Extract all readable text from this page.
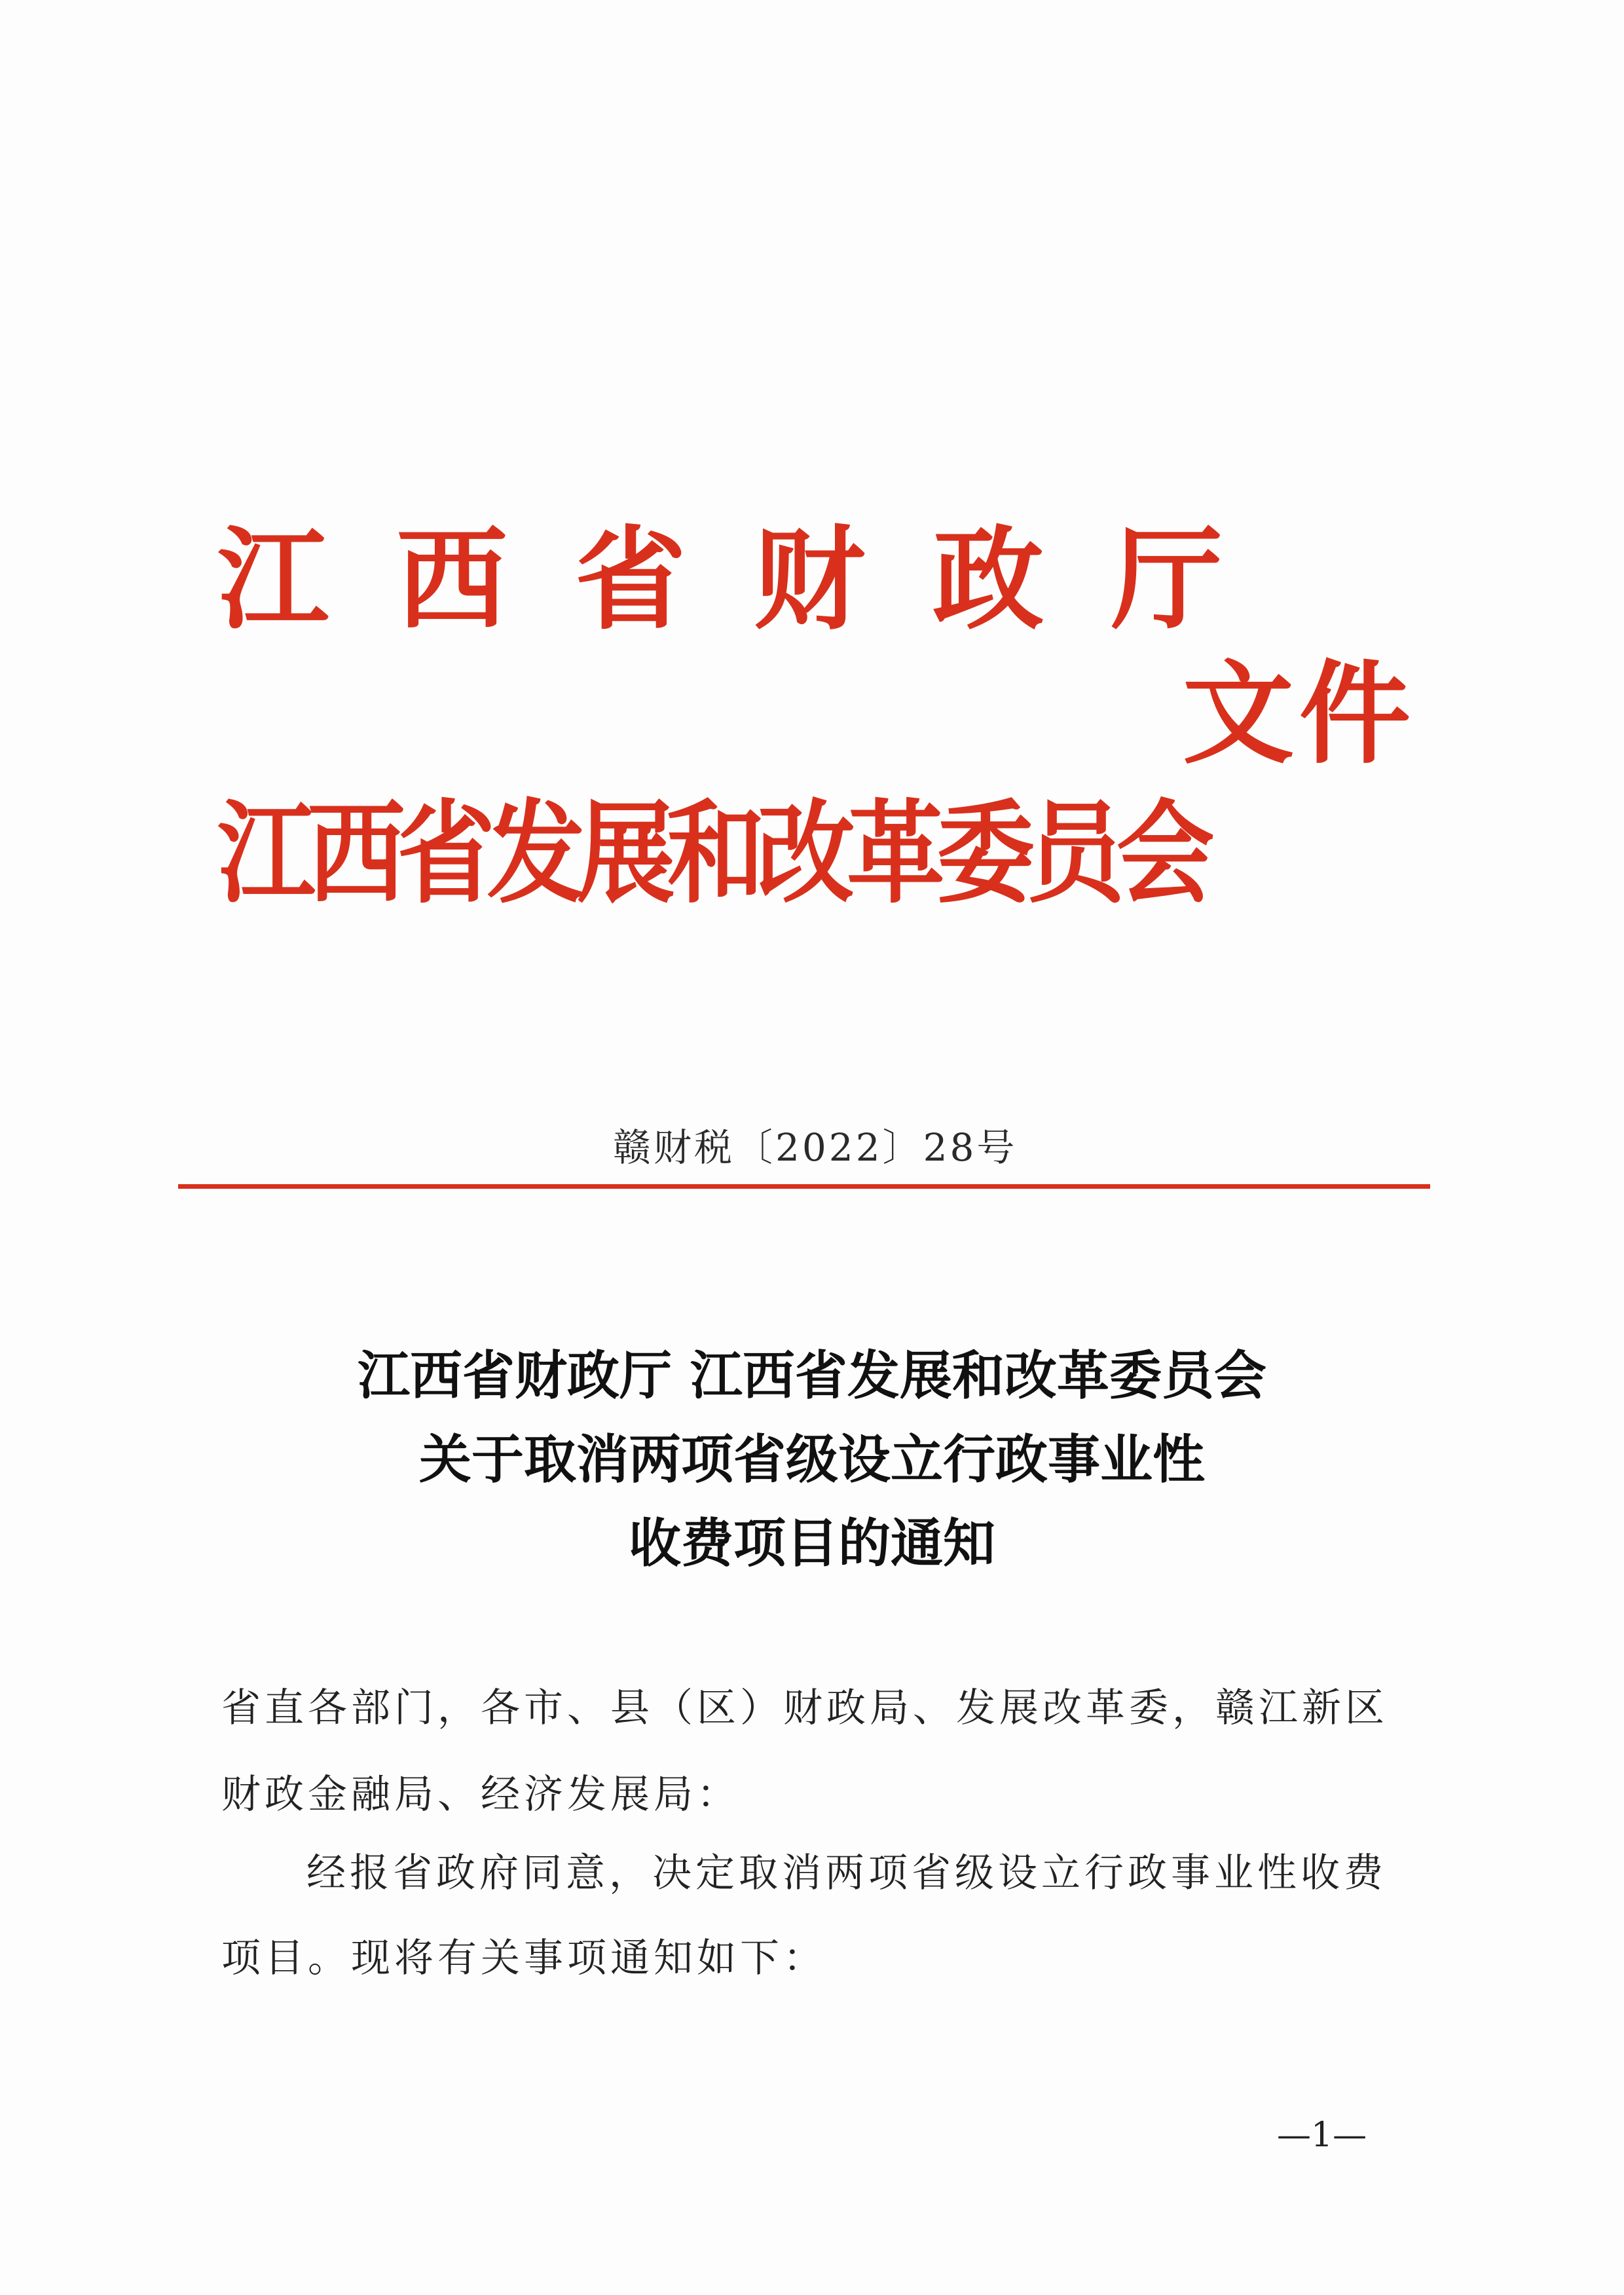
江西省财政厅
文件
江西省发展和改革委员会
赣财税〔2022〕28号
江西省财政厅 江西省发展和改革委员会
关于取消两项省级设立行政事业性
收费项目的通知
省直各部门，各市、县（区）财政局、发展改革委，赣江新区
财政金融局、经济发展局：
经报省政府同意，决定取消两项省级设立行政事业性收费
项目。现将有关事项通知如下：
—1—
